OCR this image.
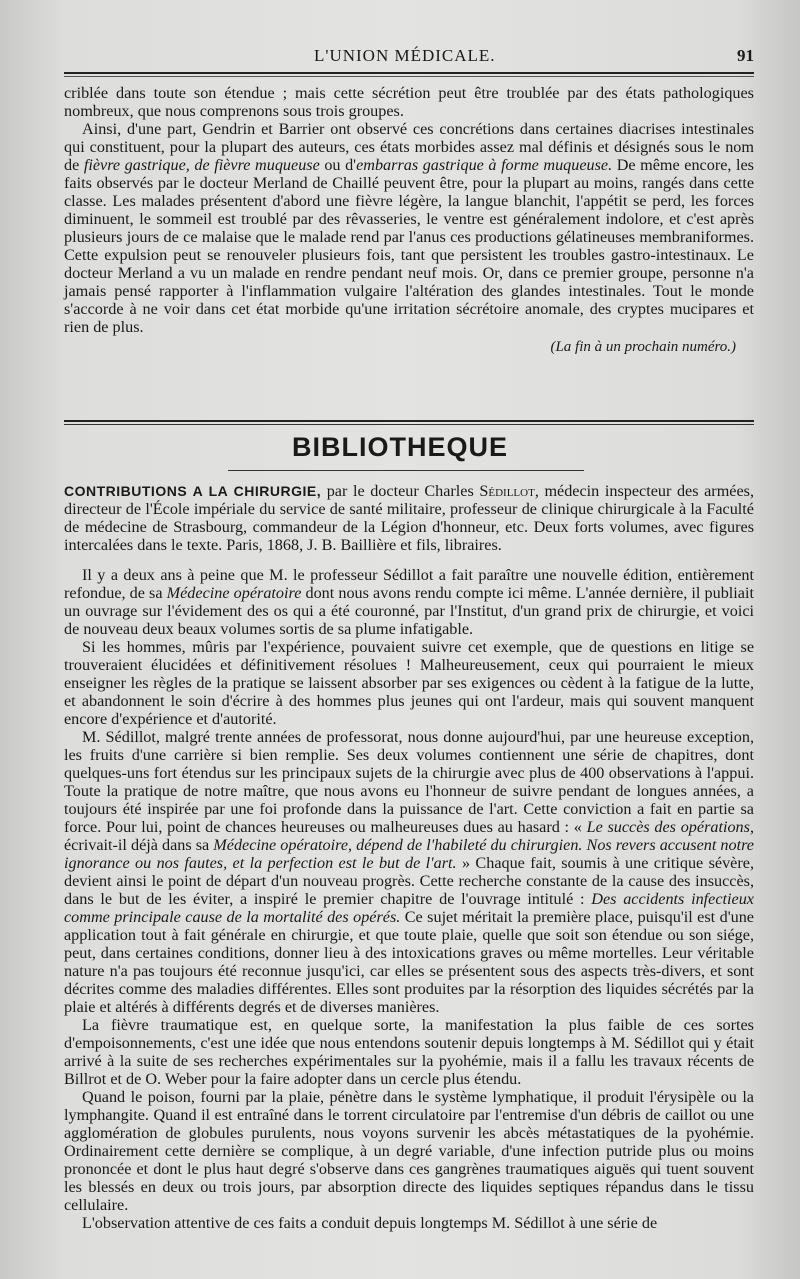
L'UNION MÉDICALE.	91

criblée dans toute son étendue ; mais cette sécrétion peut être troublée par des états pathologiques nombreux, que nous comprenons sous trois groupes.

Ainsi, d'une part, Gendrin et Barrier ont observé ces concrétions dans certaines diacrises intestinales qui constituent, pour la plupart des auteurs, ces états morbides assez mal définis et désignés sous le nom de fièvre gastrique, de fièvre muqueuse ou d'embarras gastrique à forme muqueuse. De même encore, les faits observés par le docteur Merland de Chaillé peuvent être, pour la plupart au moins, rangés dans cette classe. Les malades présentent d'abord une fièvre légère, la langue blanchit, l'appétit se perd, les forces diminuent, le sommeil est troublé par des rêvasseries, le ventre est généralement indolore, et c'est après plusieurs jours de ce malaise que le malade rend par l'anus ces productions gélatineuses membraniformes. Cette expulsion peut se renouveler plusieurs fois, tant que persistent les troubles gastro-intestinaux. Le docteur Merland a vu un malade en rendre pendant neuf mois. Or, dans ce premier groupe, personne n'a jamais pensé rapporter à l'inflammation vulgaire l'altération des glandes intestinales. Tout le monde s'accorde à ne voir dans cet état morbide qu'une irritation sécrétoire anomale, des cryptes mucipares et rien de plus.

(La fin à un prochain numéro.)
BIBLIOTHEQUE

CONTRIBUTIONS A LA CHIRURGIE, par le docteur Charles Sédillot, médecin inspecteur des armées, directeur de l'École impériale du service de santé militaire, professeur de clinique chirurgicale à la Faculté de médecine de Strasbourg, commandeur de la Légion d'honneur, etc. Deux forts volumes, avec figures intercalées dans le texte. Paris, 1868, J. B. Baillière et fils, libraires.

Il y a deux ans à peine que M. le professeur Sédillot a fait paraître une nouvelle édition, entièrement refondue, de sa Médecine opératoire dont nous avons rendu compte ici même. L'année dernière, il publiait un ouvrage sur l'évidement des os qui a été couronné, par l'Institut, d'un grand prix de chirurgie, et voici de nouveau deux beaux volumes sortis de sa plume infatigable.

Si les hommes, mûris par l'expérience, pouvaient suivre cet exemple, que de questions en litige se trouveraient élucidées et définitivement résolues ! Malheureusement, ceux qui pourraient le mieux enseigner les règles de la pratique se laissent absorber par ses exigences ou cèdent à la fatigue de la lutte, et abandonnent le soin d'écrire à des hommes plus jeunes qui ont l'ardeur, mais qui souvent manquent encore d'expérience et d'autorité.

M. Sédillot, malgré trente années de professorat, nous donne aujourd'hui, par une heureuse exception, les fruits d'une carrière si bien remplie. Ses deux volumes contiennent une série de chapitres, dont quelques-uns fort étendus sur les principaux sujets de la chirurgie avec plus de 400 observations à l'appui. Toute la pratique de notre maître, que nous avons eu l'honneur de suivre pendant de longues années, a toujours été inspirée par une foi profonde dans la puissance de l'art. Cette conviction a fait en partie sa force. Pour lui, point de chances heureuses ou malheureuses dues au hasard : « Le succès des opérations, écrivait-il déjà dans sa Médecine opératoire, dépend de l'habileté du chirurgien. Nos revers accusent notre ignorance ou nos fautes, et la perfection est le but de l'art. » Chaque fait, soumis à une critique sévère, devient ainsi le point de départ d'un nouveau progrès. Cette recherche constante de la cause des insuccès, dans le but de les éviter, a inspiré le premier chapitre de l'ouvrage intitulé : Des accidents infectieux comme principale cause de la mortalité des opérés. Ce sujet méritait la première place, puisqu'il est d'une application tout à fait générale en chirurgie, et que toute plaie, quelle que soit son étendue ou son siége, peut, dans certaines conditions, donner lieu à des intoxications graves ou même mortelles. Leur véritable nature n'a pas toujours été reconnue jusqu'ici, car elles se présentent sous des aspects très-divers, et sont décrites comme des maladies différentes. Elles sont produites par la résorption des liquides sécrétés par la plaie et altérés à différents degrés et de diverses manières.

La fièvre traumatique est, en quelque sorte, la manifestation la plus faible de ces sortes d'empoisonnements, c'est une idée que nous entendons soutenir depuis longtemps à M. Sédillot qui y était arrivé à la suite de ses recherches expérimentales sur la pyohémie, mais il a fallu les travaux récents de Billrot et de O. Weber pour la faire adopter dans un cercle plus étendu.

Quand le poison, fourni par la plaie, pénètre dans le système lymphatique, il produit l'érysipèle ou la lymphangite. Quand il est entraîné dans le torrent circulatoire par l'entremise d'un débris de caillot ou une agglomération de globules purulents, nous voyons survenir les abcès métastatiques de la pyohémie. Ordinairement cette dernière se complique, à un degré variable, d'une infection putride plus ou moins prononcée et dont le plus haut degré s'observe dans ces gangrènes traumatiques aiguës qui tuent souvent les blessés en deux ou trois jours, par absorption directe des liquides septiques répandus dans le tissu cellulaire.

L'observation attentive de ces faits a conduit depuis longtemps M. Sédillot à une série de
